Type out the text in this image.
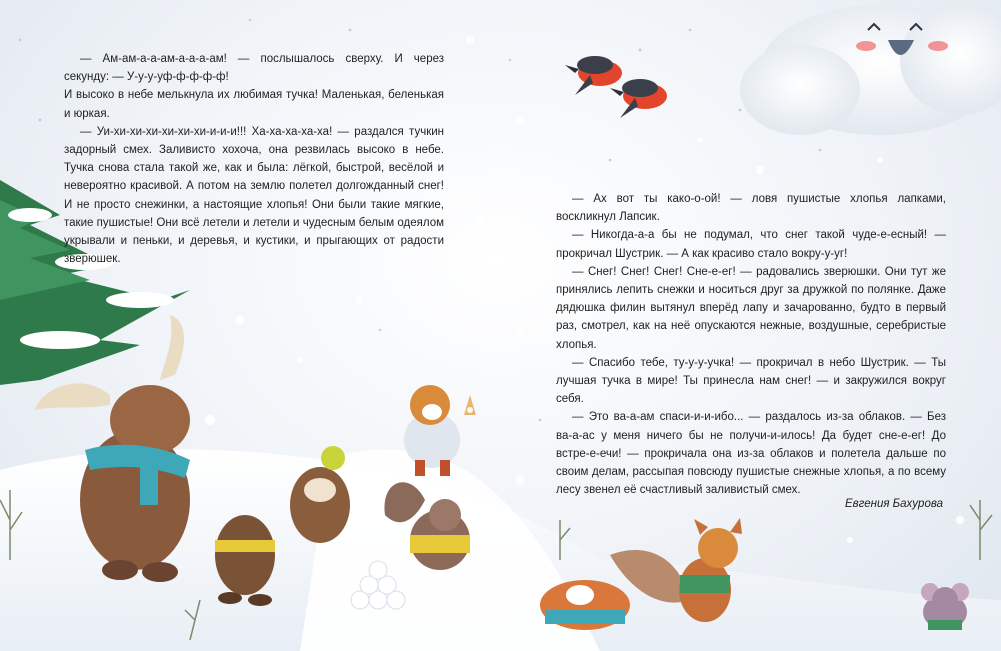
— Ам-ам-а-а-ам-а-а-а-ам! — послышалось сверху. И через секунду: — У-у-у-уф-ф-ф-ф-ф!

И высоко в небе мелькнула их любимая тучка! Маленькая, беленькая и юркая.

— Уи-хи-хи-хи-хи-хи-хи-и-и-и!!! Ха-ха-ха-ха-ха! — раздался тучкин задорный смех. Заливисто хохоча, она резвилась высоко в небе. Тучка снова стала такой же, как и была: лёгкой, быстрой, весёлой и невероятно красивой. А потом на землю полетел долгожданный снег! И не просто снежинки, а настоящие хлопья! Они были такие мягкие, такие пушистые! Они всё летели и летели и чудесным белым одеялом укрывали и пеньки, и деревья, и кустики, и прыгающих от радости зверюшек.

— Ах вот ты како-о-ой! — ловя пушистые хлопья лапками, воскликнул Лапсик.

— Никогда-а-а бы не подумал, что снег такой чуде-е-есный! — прокричал Шустрик. — А как красиво стало вокру-у-уг!

— Снег! Снег! Снег! Сне-е-ег! — радовались зверюшки. Они тут же принялись лепить снежки и носиться друг за дружкой по полянке. Даже дядюшка филин вытянул вперёд лапу и зачарованно, будто в первый раз, смотрел, как на неё опускаются нежные, воздушные, серебристые хлопья.

— Спасибо тебе, ту-у-у-учка! — прокричал в небо Шустрик. — Ты лучшая тучка в мире! Ты принесла нам снег! — и закружился вокруг себя.

— Это ва-а-ам спаси-и-и-ибо... — раздалось из-за облаков. — Без ва-а-ас у меня ничего бы не получи-и-илось! Да будет сне-е-ег! До встре-е-ечи! — прокричала она из-за облаков и полетела дальше по своим делам, рассыпая повсюду пушистые снежные хлопья, а по всему лесу звенел её счастливый заливистый смех.

Евгения Бахурова
